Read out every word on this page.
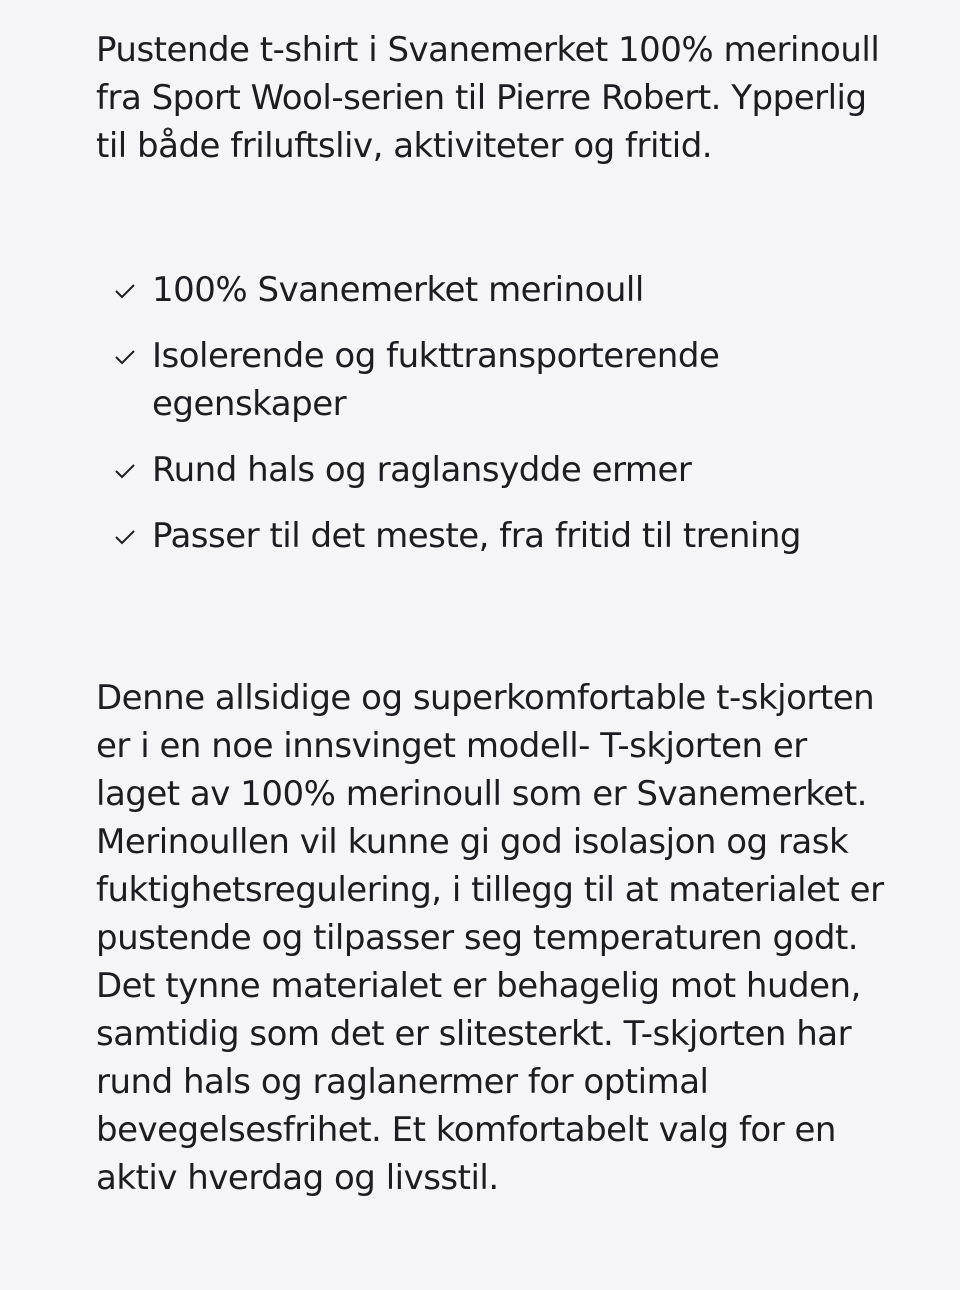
Pustende t-shirt i Svanemerket 100% merinoull fra Sport Wool-serien til Pierre Robert. Ypperlig til både friluftsliv, aktiviteter og fritid.

100% Svanemerket merinoull
Isolerende og fukttransporterende egenskaper
Rund hals og raglansydde ermer
Passer til det meste, fra fritid til trening

Denne allsidige og superkomfortable t-skjorten er i en noe innsvinget modell- T-skjorten er laget av 100% merinoull som er Svanemerket. Merinoullen vil kunne gi god isolasjon og rask fuktighetsregulering, i tillegg til at materialet er pustende og tilpasser seg temperaturen godt. Det tynne materialet er behagelig mot huden, samtidig som det er slitesterkt. T-skjorten har rund hals og raglanermer for optimal bevegelsesfrihet. Et komfortabelt valg for en aktiv hverdag og livsstil.
